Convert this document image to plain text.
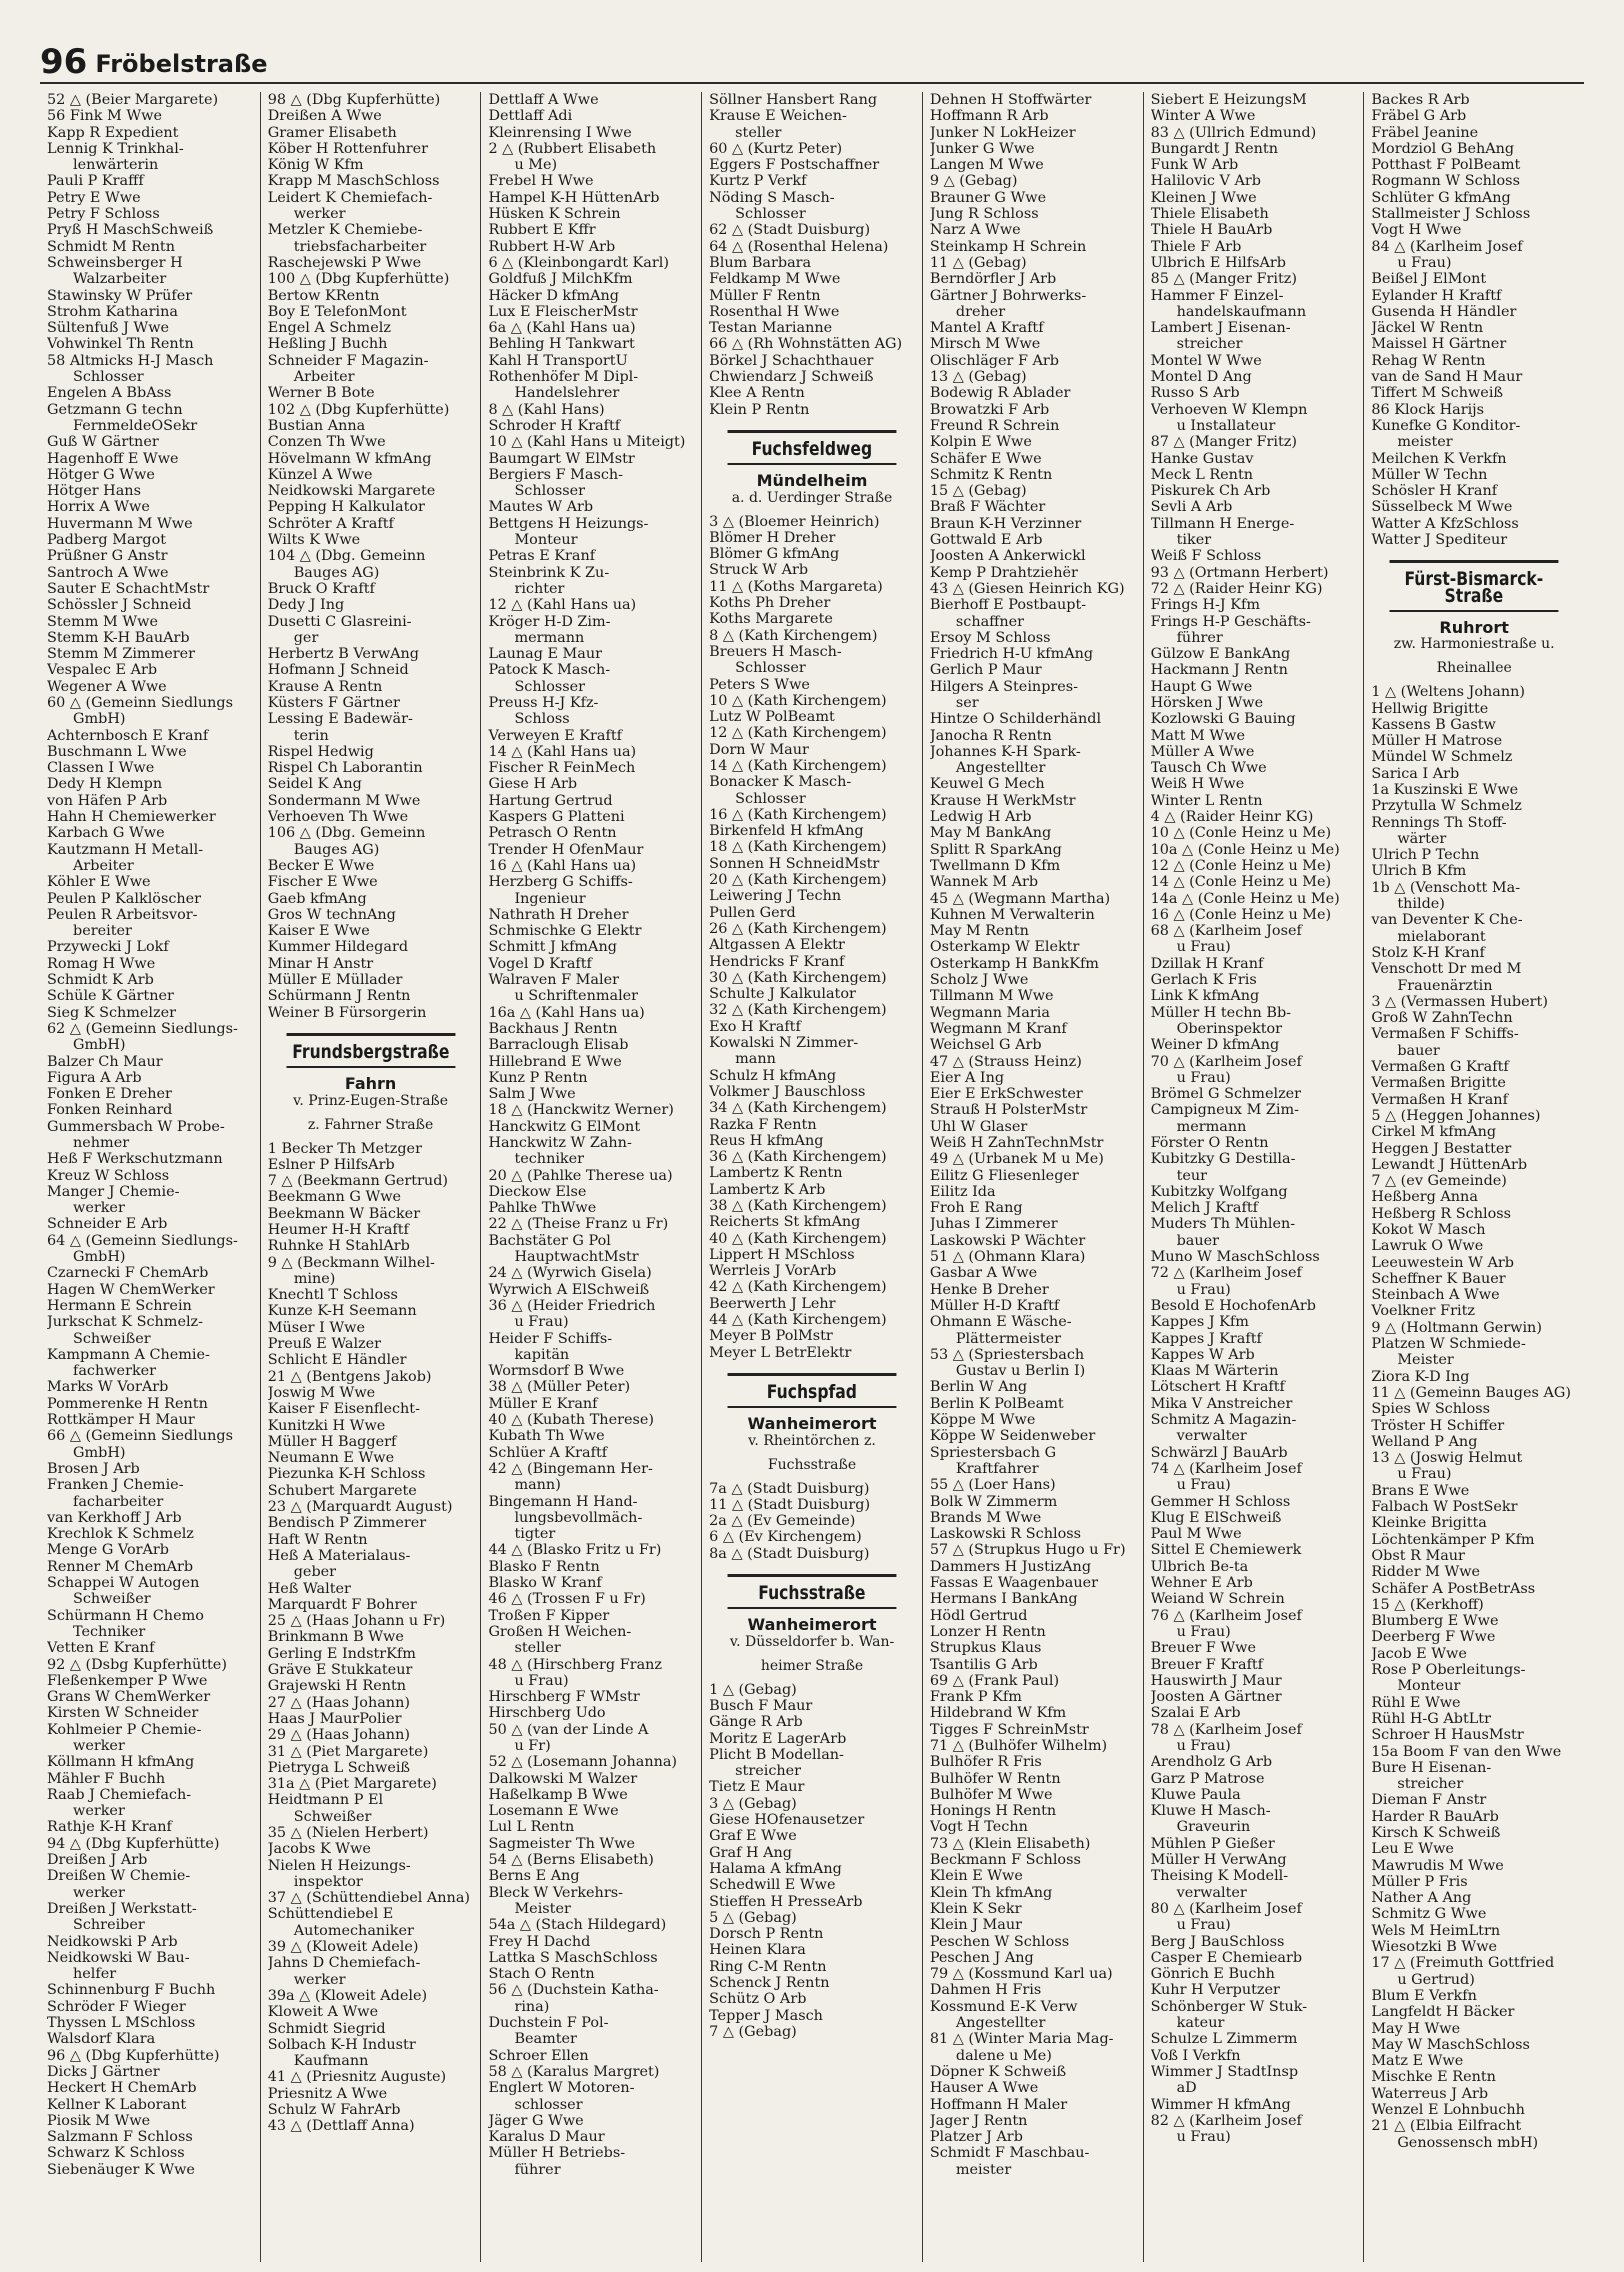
96 Fröbelstraße
52 △ (Beier Margarete)
56 Fink M Wwe
Kapp R Expedient
Lennig K Trinkhal-
lenwärterin
Pauli P Krafff
Petry E Wwe
Petry F Schloss
Pryß H MaschSchweiß
Schmidt M Rentn
Schweinsberger H
Walzarbeiter
Stawinsky W Prüfer
Strohm Katharina
Sültenfuß J Wwe
Vohwinkel Th Rentn
58 Altmicks H-J Masch
Schlosser
Engelen A BbAss
Getzmann G techn
FernmeldeOSekr
Guß W Gärtner
Hagenhoff E Wwe
Hötger G Wwe
Hötger Hans
Horrix A Wwe
Huvermann M Wwe
Padberg Margot
Prüßner G Anstr
Santroch A Wwe
Sauter E SchachtMstr
Schössler J Schneid
Stemm M Wwe
Stemm K-H BauArb
Stemm M Zimmerer
Vespalec E Arb
Wegener A Wwe
60 △ (Gemeinn Siedlungs
GmbH)
Achternbosch E Kranf
Buschmann L Wwe
Classen I Wwe
Dedy H Klempn
von Häfen P Arb
Hahn H Chemiewerker
Karbach G Wwe
Kautzmann H Metall-
Arbeiter
Köhler E Wwe
Peulen P Kalklöscher
Peulen R Arbeitsvor-
bereiter
Przywecki J Lokf
Romag H Wwe
Schmidt K Arb
Schüle K Gärtner
Sieg K Schmelzer
62 △ (Gemeinn Siedlungs-
GmbH)
Balzer Ch Maur
Figura A Arb
Fonken E Dreher
Fonken Reinhard
Gummersbach W Probe-
nehmer
Heß F Werkschutzmann
Kreuz W Schloss
Manger J Chemie-
werker
Schneider E Arb
64 △ (Gemeinn Siedlungs-
GmbH)
Czarnecki F ChemArb
Hagen W ChemWerker
Hermann E Schrein
Jurkschat K Schmelz-
Schweißer
Kampmann A Chemie-
fachwerker
Marks W VorArb
Pommerenke H Rentn
Rottkämper H Maur
66 △ (Gemeinn Siedlungs
GmbH)
Brosen J Arb
Franken J Chemie-
facharbeiter
van Kerkhoff J Arb
Krechlok K Schmelz
Menge G VorArb
Renner M ChemArb
Schappei W Autogen
Schweißer
Schürmann H Chemo
Techniker
Vetten E Kranf
92 △ (Dsbg Kupferhütte)
Fleßenkemper P Wwe
Grans W ChemWerker
Kirsten W Schneider
Kohlmeier P Chemie-
werker
Köllmann H kfmAng
Mähler F Buchh
Raab J Chemiefach-
werker
Rathje K-H Kranf
94 △ (Dbg Kupferhütte)
Dreißen J Arb
Dreißen W Chemie-
werker
Dreißen J Werkstatt-
Schreiber
Neidkowski P Arb
Neidkowski W Bau-
helfer
Schinnenburg F Buchh
Schröder F Wieger
Thyssen L MSchloss
Walsdorf Klara
96 △ (Dbg Kupferhütte)
Dicks J Gärtner
Heckert H ChemArb
Kellner K Laborant
Piosik M Wwe
Salzmann F Schloss
Schwarz K Schloss
Siebenäuger K Wwe
98 △ (Dbg Kupferhütte)
Dreißen A Wwe
Gramer Elisabeth
Köber H Rottenfuhrer
König W Kfm
Krapp M MaschSchloss
Leidert K Chemiefach-
werker
Metzler K Chemiebe-
triebsfacharbeiter
Raschejewski P Wwe
100 △ (Dbg Kupferhütte)
Bertow KRentn
Boy E TelefonMont
Engel A Schmelz
Heßling J Buchh
Schneider F Magazin-
Arbeiter
Werner B Bote
102 △ (Dbg Kupferhütte)
Bustian Anna
Conzen Th Wwe
Hövelmann W kfmAng
Künzel A Wwe
Neidkowski Margarete
Pepping H Kalkulator
Schröter A Kraftf
Wilts K Wwe
104 △ (Dbg. Gemeinn
Bauges AG)
Bruck O Kraftf
Dedy J Ing
Dusetti C Glasreini-
ger
Herbertz B VerwAng
Hofmann J Schneid
Krause A Rentn
Küsters F Gärtner
Lessing E Badewär-
terin
Rispel Hedwig
Rispel Ch Laborantin
Seidel K Ang
Sondermann M Wwe
Verhoeven Th Wwe
106 △ (Dbg. Gemeinn
Bauges AG)
Becker E Wwe
Fischer E Wwe
Gaeb kfmAng
Gros W technAng
Kaiser E Wwe
Kummer Hildegard
Minar H Anstr
Müller E Müllader
Schürmann J Rentn
Weiner B Fürsorgerin
Frundsbergstraße
Fahrn
v. Prinz-Eugen-Straße
z. Fahrner Straße
1 Becker Th Metzger
Eslner P HilfsArb
7 △ (Beekmann Gertrud)
Beekmann G Wwe
Beekmann W Bäcker
Heumer H-H Kraftf
Ruhnke H StahlArb
9 △ (Beckmann Wilhel-
mine)
Knechtl T Schloss
Kunze K-H Seemann
Müser I Wwe
Preuß E Walzer
Schlicht E Händler
21 △ (Bentgens Jakob)
Joswig M Wwe
Kaiser F Eisenflecht-
Kunitzki H Wwe
Müller H Baggerf
Neumann E Wwe
Piezunka K-H Schloss
Schubert Margarete
23 △ (Marquardt August)
Bendisch P Zimmerer
Haft W Rentn
Heß A Materialaus-
geber
Heß Walter
Marquardt F Bohrer
25 △ (Haas Johann u Fr)
Brinkmann B Wwe
Gerling E IndstrKfm
Gräve E Stukkateur
Grajewski H Rentn
27 △ (Haas Johann)
Haas J MaurPolier
29 △ (Haas Johann)
31 △ (Piet Margarete)
Pietryga L Schweiß
31a △ (Piet Margarete)
Heidtmann P El
Schweißer
35 △ (Nielen Herbert)
Jacobs K Wwe
Nielen H Heizungs-
inspektor
37 △ (Schüttendiebel Anna)
Schüttendiebel E
Automechaniker
39 △ (Kloweit Adele)
Jahns D Chemiefach-
werker
39a △ (Kloweit Adele)
Kloweit A Wwe
Schmidt Siegrid
Solbach K-H Industr
Kaufmann
41 △ (Priesnitz Auguste)
Priesnitz A Wwe
Schulz W FahrArb
43 △ (Dettlaff Anna)
Dettlaff A Wwe
Dettlaff Adi
Kleinrensing I Wwe
2 △ (Rubbert Elisabeth
u Me)
Frebel H Wwe
Hampel K-H HüttenArb
Hüsken K Schrein
Rubbert E Kffr
Rubbert H-W Arb
6 △ (Kleinbongardt Karl)
Goldfuß J MilchKfm
Häcker D kfmAng
Lux E FleischerMstr
6a △ (Kahl Hans ua)
Behling H Tankwart
Kahl H TransportU
Rothenhöfer M Dipl-
Handelslehrer
8 △ (Kahl Hans)
Schroder H Kraftf
10 △ (Kahl Hans u Miteigt)
Baumgart W ElMstr
Bergiers F Masch-
Schlosser
Mautes W Arb
Bettgens H Heizungs-
Monteur
Petras E Kranf
Steinbrink K Zu-
richter
12 △ (Kahl Hans ua)
Kröger H-D Zim-
mermann
Launag E Maur
Patock K Masch-
Schlosser
Preuss H-J Kfz-
Schloss
Verweyen E Kraftf
14 △ (Kahl Hans ua)
Fischer R FeinMech
Giese H Arb
Hartung Gertrud
Kaspers G Platteni
Petrasch O Rentn
Trender H OfenMaur
16 △ (Kahl Hans ua)
Herzberg G Schiffs-
Ingenieur
Nathrath H Dreher
Schmischke G Elektr
Schmitt J kfmAng
Vogel D Kraftf
Walraven F Maler
u Schriftenmaler
16a △ (Kahl Hans ua)
Backhaus J Rentn
Barraclough Elisab
Hillebrand E Wwe
Kunz P Rentn
Salm J Wwe
18 △ (Hanckwitz Werner)
Hanckwitz G ElMont
Hanckwitz W Zahn-
techniker
20 △ (Pahlke Therese ua)
Dieckow Else
Pahlke ThWwe
22 △ (Theise Franz u Fr)
Bachstäter G Pol
HauptwachtMstr
24 △ (Wyrwich Gisela)
Wyrwich A ElSchweiß
36 △ (Heider Friedrich
u Frau)
Heider F Schiffs-
kapitän
Wormsdorf B Wwe
38 △ (Müller Peter)
Müller E Kranf
40 △ (Kubath Therese)
Kubath Th Wwe
Schlüer A Kraftf
42 △ (Bingemann Her-
mann)
Bingemann H Hand-
lungsbevollmäch-
tigter
44 △ (Blasko Fritz u Fr)
Blasko F Rentn
Blasko W Kranf
46 △ (Trossen F u Fr)
Troßen F Kipper
Großen H Weichen-
steller
48 △ (Hirschberg Franz
u Frau)
Hirschberg F WMstr
Hirschberg Udo
50 △ (van der Linde A
u Fr)
52 △ (Losemann Johanna)
Dalkowski M Walzer
Haßelkamp B Wwe
Losemann E Wwe
Lul L Rentn
Sagmeister Th Wwe
54 △ (Berns Elisabeth)
Berns E Ang
Bleck W Verkehrs-
Meister
54a △ (Stach Hildegard)
Frey H Dachd
Lattka S MaschSchloss
Stach O Rentn
56 △ (Duchstein Katha-
rina)
Duchstein F Pol-
Beamter
Schroer Ellen
58 △ (Karalus Margret)
Englert W Motoren-
schlosser
Jäger G Wwe
Karalus D Maur
Müller H Betriebs-
führer
Söllner Hansbert Rang
Krause E Weichen-
steller
60 △ (Kurtz Peter)
Eggers F Postschaffner
Kurtz P Verkf
Nöding S Masch-
Schlosser
62 △ (Stadt Duisburg)
64 △ (Rosenthal Helena)
Blum Barbara
Feldkamp M Wwe
Müller F Rentn
Rosenthal H Wwe
Testan Marianne
66 △ (Rh Wohnstätten AG)
Börkel J Schachthauer
Chwiendarz J Schweiß
Klee A Rentn
Klein P Rentn
Fuchsfeldweg
Mündelheim
a. d. Uerdinger Straße
3 △ (Bloemer Heinrich)
Blömer H Dreher
Blömer G kfmAng
Struck W Arb
11 △ (Koths Margareta)
Koths Ph Dreher
Koths Margarete
8 △ (Kath Kirchengem)
Breuers H Masch-
Schlosser
Peters S Wwe
10 △ (Kath Kirchengem)
Lutz W PolBeamt
12 △ (Kath Kirchengem)
Dorn W Maur
14 △ (Kath Kirchengem)
Bonacker K Masch-
Schlosser
16 △ (Kath Kirchengem)
Birkenfeld H kfmAng
18 △ (Kath Kirchengem)
Sonnen H SchneidMstr
20 △ (Kath Kirchengem)
Leiwering J Techn
Pullen Gerd
26 △ (Kath Kirchengem)
Altgassen A Elektr
Hendricks F Kranf
30 △ (Kath Kirchengem)
Schulte J Kalkulator
32 △ (Kath Kirchengem)
Exo H Kraftf
Kowalski N Zimmer-
mann
Schulz H kfmAng
Volkmer J Bauschloss
34 △ (Kath Kirchengem)
Razka F Rentn
Reus H kfmAng
36 △ (Kath Kirchengem)
Lambertz K Rentn
Lambertz K Arb
38 △ (Kath Kirchengem)
Reicherts St kfmAng
40 △ (Kath Kirchengem)
Lippert H MSchloss
Werrleis J VorArb
42 △ (Kath Kirchengem)
Beerwerth J Lehr
44 △ (Kath Kirchengem)
Meyer B PolMstr
Meyer L BetrElektr
Fuchspfad
Wanheimerort
v. Rheintörchen z.
Fuchsstraße
7a △ (Stadt Duisburg)
11 △ (Stadt Duisburg)
2a △ (Ev Gemeinde)
6 △ (Ev Kirchengem)
8a △ (Stadt Duisburg)
Fuchsstraße
Wanheimerort
v. Düsseldorfer b. Wan-
heimer Straße
1 △ (Gebag)
Busch F Maur
Gänge R Arb
Moritz E LagerArb
Plicht B Modellan-
streicher
Tietz E Maur
3 △ (Gebag)
Giese HOfenausetzer
Graf E Wwe
Graf H Ang
Halama A kfmAng
Schedwill E Wwe
Stieffen H PresseArb
5 △ (Gebag)
Dorsch P Rentn
Heinen Klara
Ring C-M Rentn
Schenck J Rentn
Schütz O Arb
Tepper J Masch
7 △ (Gebag)
Dehnen H Stoffwärter
Hoffmann R Arb
Junker N LokHeizer
Junker G Wwe
Langen M Wwe
9 △ (Gebag)
Brauner G Wwe
Jung R Schloss
Narz A Wwe
Steinkamp H Schrein
11 △ (Gebag)
Berndörfler J Arb
Gärtner J Bohrwerks-
dreher
Mantel A Kraftf
Mirsch M Wwe
Olischläger F Arb
13 △ (Gebag)
Bodewig R Ablader
Browatzki F Arb
Freund R Schrein
Kolpin E Wwe
Schäfer E Wwe
Schmitz K Rentn
15 △ (Gebag)
Braß F Wächter
Braun K-H Verzinner
Gottwald E Arb
Joosten A Ankerwickl
Kemp P Drahtziehër
43 △ (Giesen Heinrich KG)
Bierhoff E Postbaupt-
schaffner
Ersoy M Schloss
Friedrich H-U kfmAng
Gerlich P Maur
Hilgers A Steinpres-
ser
Hintze O Schilderhändl
Janocha R Rentn
Johannes K-H Spark-
Angestellter
Keuwel G Mech
Krause H WerkMstr
Ledwig H Arb
May M BankAng
Splitt R SparkAng
Twellmann D Kfm
Wannek M Arb
45 △ (Wegmann Martha)
Kuhnen M Verwalterin
May M Rentn
Osterkamp W Elektr
Osterkamp H BankKfm
Scholz J Wwe
Tillmann M Wwe
Wegmann Maria
Wegmann M Kranf
Weichsel G Arb
47 △ (Strauss Heinz)
Eier A Ing
Eier E ErkSchwester
Strauß H PolsterMstr
Uhl W Glaser
Weiß H ZahnTechnMstr
49 △ (Urbanek M u Me)
Eilitz G Fliesenleger
Eilitz Ida
Froh E Rang
Juhas I Zimmerer
Laskowski P Wächter
51 △ (Ohmann Klara)
Gasbar A Wwe
Henke B Dreher
Müller H-D Kraftf
Ohmann E Wäsche-
Plättermeister
53 △ (Spriestersbach
Gustav u Berlin I)
Berlin W Ang
Berlin K PolBeamt
Köppe M Wwe
Köppe W Seidenweber
Spriestersbach G
Kraftfahrer
55 △ (Loer Hans)
Bolk W Zimmerm
Brands M Wwe
Laskowski R Schloss
57 △ (Strupkus Hugo u Fr)
Dammers H JustizAng
Fassas E Waagenbauer
Hermans I BankAng
Hödl Gertrud
Lonzer H Rentn
Strupkus Klaus
Tsantilis G Arb
69 △ (Frank Paul)
Frank P Kfm
Hildebrand W Kfm
Tigges F SchreinMstr
71 △ (Bulhöfer Wilhelm)
Bulhöfer R Fris
Bulhöfer W Rentn
Bulhöfer M Wwe
Honings H Rentn
Vogt H Techn
73 △ (Klein Elisabeth)
Beckmann F Schloss
Klein E Wwe
Klein Th kfmAng
Klein K Sekr
Klein J Maur
Peschen W Schloss
Peschen J Ang
79 △ (Kossmund Karl ua)
Dahmen H Fris
Kossmund E-K Verw
Angestellter
81 △ (Winter Maria Mag-
dalene u Me)
Döpner K Schweiß
Hauser A Wwe
Hoffmann H Maler
Jager J Rentn
Platzer J Arb
Schmidt F Maschbau-
meister
Siebert E HeizungsM
Winter A Wwe
83 △ (Ullrich Edmund)
Bungardt J Rentn
Funk W Arb
Halilovic V Arb
Kleinen J Wwe
Thiele Elisabeth
Thiele H BauArb
Thiele F Arb
Ulbrich E HilfsArb
85 △ (Manger Fritz)
Hammer F Einzel-
handelskaufmann
Lambert J Eisenan-
streicher
Montel W Wwe
Montel D Ang
Russo S Arb
Verhoeven W Klempn
u Installateur
87 △ (Manger Fritz)
Hanke Gustav
Meck L Rentn
Piskurek Ch Arb
Sevli A Arb
Tillmann H Energe-
tiker
Weiß F Schloss
93 △ (Ortmann Herbert)
72 △ (Raider Heinr KG)
Frings H-J Kfm
Frings H-P Geschäfts-
führer
Gülzow E BankAng
Hackmann J Rentn
Haupt G Wwe
Hörsken J Wwe
Kozlowski G Bauing
Matt M Wwe
Müller A Wwe
Tausch Ch Wwe
Weiß H Wwe
Winter L Rentn
4 △ (Raider Heinr KG)
10 △ (Conle Heinz u Me)
10a △ (Conle Heinz u Me)
12 △ (Conle Heinz u Me)
14 △ (Conle Heinz u Me)
14a △ (Conle Heinz u Me)
16 △ (Conle Heinz u Me)
68 △ (Karlheim Josef
u Frau)
Dzillak H Kranf
Gerlach K Fris
Link K kfmAng
Müller H techn Bb-
Oberinspektor
Weiner D kfmAng
70 △ (Karlheim Josef
u Frau)
Brömel G Schmelzer
Campigneux M Zim-
mermann
Förster O Rentn
Kubitzky G Destilla-
teur
Kubitzky Wolfgang
Melich J Kraftf
Muders Th Mühlen-
bauer
Muno W MaschSchloss
72 △ (Karlheim Josef
u Frau)
Besold E HochofenArb
Kappes J Kfm
Kappes J Kraftf
Kappes W Arb
Klaas M Wärterin
Lötschert H Kraftf
Mika V Anstreicher
Schmitz A Magazin-
verwalter
Schwärzl J BauArb
74 △ (Karlheim Josef
u Frau)
Gemmer H Schloss
Klug E ElSchweiß
Paul M Wwe
Sittel E Chemiewerk
Ulbrich Be-ta
Wehner E Arb
Weiand W Schrein
76 △ (Karlheim Josef
u Frau)
Breuer F Wwe
Breuer F Kraftf
Hauswirth J Maur
Joosten A Gärtner
Szalai E Arb
78 △ (Karlheim Josef
u Frau)
Arendholz G Arb
Garz P Matrose
Kluwe Paula
Kluwe H Masch-
Graveurin
Mühlen P Gießer
Müller H VerwAng
Theising K Modell-
verwalter
80 △ (Karlheim Josef
u Frau)
Berg J BauSchloss
Casper E Chemiearb
Gönrich E Buchh
Kuhr H Verputzer
Schönberger W Stuk-
kateur
Schulze L Zimmerm
Voß I Verkfn
Wimmer J StadtInsp
aD
Wimmer H kfmAng
82 △ (Karlheim Josef
u Frau)
Backes R Arb
Fräbel G Arb
Fräbel Jeanine
Mordziol G BehAng
Potthast F PolBeamt
Rogmann W Schloss
Schlüter G kfmAng
Stallmeister J Schloss
Vogt H Wwe
84 △ (Karlheim Josef
u Frau)
Beißel J ElMont
Eylander H Kraftf
Gusenda H Händler
Jäckel W Rentn
Maissel H Gärtner
Rehag W Rentn
van de Sand H Maur
Tiffert M Schweiß
86 Klock Harijs
Kunefke G Konditor-
meister
Meilchen K Verkfn
Müller W Techn
Schösler H Kranf
Süsselbeck M Wwe
Watter A KfzSchloss
Watter J Spediteur
Fürst-Bismarck-Straße
Ruhrort
zw. Harmoniestraße u.
Rheinallee
1 △ (Weltens Johann)
Hellwig Brigitte
Kassens B Gastw
Müller H Matrose
Mündel W Schmelz
Sarica I Arb
1a Kuszinski E Wwe
Przytulla W Schmelz
Rennings Th Stoff-
wärter
Ulrich P Techn
Ulrich B Kfm
1b △ (Venschott Ma-
thilde)
van Deventer K Che-
mielaborant
Stolz K-H Kranf
Venschott Dr med M
Frauenärztin
3 △ (Vermassen Hubert)
Groß W ZahnTechn
Vermaßen F Schiffs-
bauer
Vermaßen G Kraftf
Vermaßen Brigitte
Vermaßen H Kranf
5 △ (Heggen Johannes)
Cirkel M kfmAng
Heggen J Bestatter
Lewandt J HüttenArb
7 △ (ev Gemeinde)
Heßberg Anna
Heßberg R Schloss
Kokot W Masch
Lawruk O Wwe
Leeuwestein W Arb
Scheffner K Bauer
Steinbach A Wwe
Voelkner Fritz
9 △ (Holtmann Gerwin)
Platzen W Schmiede-
Meister
Ziora K-D Ing
11 △ (Gemeinn Bauges AG)
Spies W Schloss
Tröster H Schiffer
Welland P Ang
13 △ (Joswig Helmut
u Frau)
Brans E Wwe
Falbach W PostSekr
Kleinke Brigitta
Löchtenkämper P Kfm
Obst R Maur
Ridder M Wwe
Schäfer A PostBetrAss
15 △ (Kerkhoff)
Blumberg E Wwe
Deerberg F Wwe
Jacob E Wwe
Rose P Oberleitungs-
Monteur
Rühl E Wwe
Rühl H-G AbtLtr
Schroer H HausMstr
15a Boom F van den Wwe
Bure H Eisenan-
streicher
Dieman F Anstr
Harder R BauArb
Kirsch K Schweiß
Leu E Wwe
Mawrudis M Wwe
Müller P Fris
Nather A Ang
Schmitz G Wwe
Wels M HeimLtrn
Wiesotzki B Wwe
17 △ (Freimuth Gottfried
u Gertrud)
Blum E Verkfn
Langfeldt H Bäcker
May H Wwe
May W MaschSchloss
Matz E Wwe
Mischke E Rentn
Waterreus J Arb
Wenzel E Lohnbuchh
21 △ (Elbia Eilfracht
Genossensch mbH)
